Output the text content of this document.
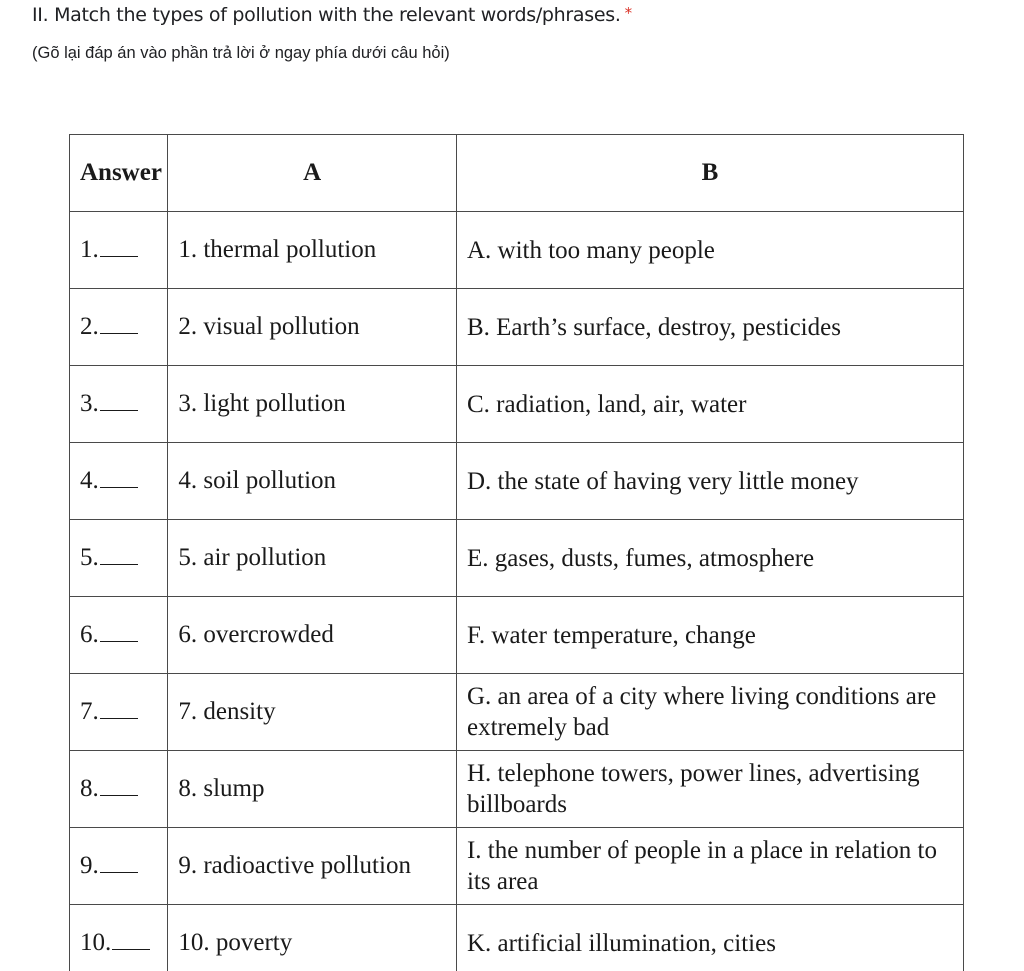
II. Match the types of pollution with the relevant words/phrases. *
(Gõ lại đáp án vào phần trả lời ở ngay phía dưới câu hỏi)
Answer	A	B
1.	1. thermal pollution	A. with too many people

2.	2. visual pollution	B. Earth’s surface, destroy, pesticides

3.	3. light pollution	C. radiation, land, air, water

4.	4. soil pollution	D. the state of having very little money

5.	5. air pollution	E. gases, dusts, fumes, atmosphere

6.	6. overcrowded	F. water temperature, change

7.	7. density	G. an area of a city where living conditions are extremely bad

8.	8. slump	H. telephone towers, power lines, advertising billboards

9.	9. radioactive pollution	I. the number of people in a place in relation to its area

10.	10. poverty	K. artificial illumination, cities
